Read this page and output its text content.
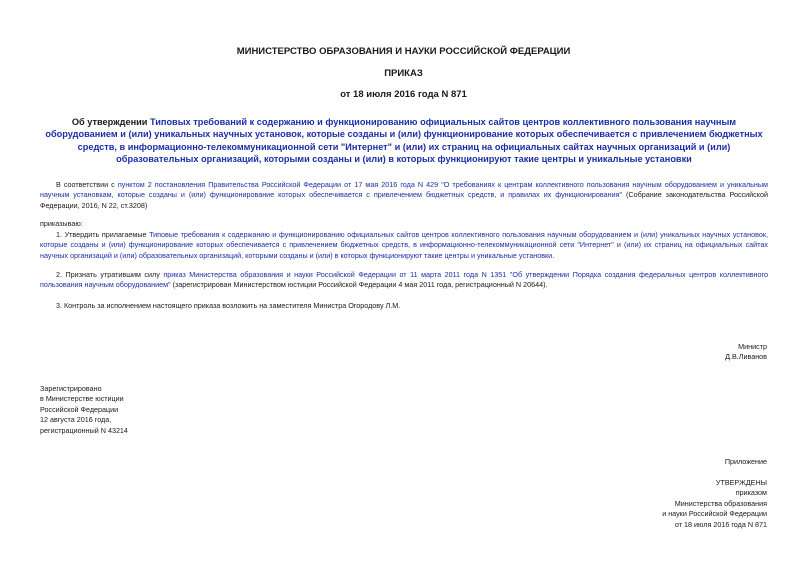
МИНИСТЕРСТВО ОБРАЗОВАНИЯ И НАУКИ РОССИЙСКОЙ ФЕДЕРАЦИИ
ПРИКАЗ
от 18 июля 2016 года N 871
Об утверждении Типовых требований к содержанию и функционированию официальных сайтов центров коллективного пользования научным оборудованием и (или) уникальных научных установок, которые созданы и (или) функционирование которых обеспечивается с привлечением бюджетных средств, в информационно-телекоммуникационной сети "Интернет" и (или) их страниц на официальных сайтах научных организаций и (или) образовательных организаций, которыми созданы и (или) в которых функционируют такие центры и уникальные установки
В соответствии с пунктом 2 постановления Правительства Российской Федерации от 17 мая 2016 года N 429 "О требованиях к центрам коллективного пользования научным оборудованием и уникальным научным установкам, которые созданы и (или) функционирование которых обеспечивается с привлечением бюджетных средств, и правилах их функционирования" (Собрание законодательства Российской Федерации, 2016, N 22, ст.3208)
приказываю:
1. Утвердить прилагаемые Типовые требования к содержанию и функционированию официальных сайтов центров коллективного пользования научным оборудованием и (или) уникальных научных установок, которые созданы и (или) функционирование которых обеспечивается с привлечением бюджетных средств, в информационно-телекоммуникационной сети "Интернет" и (или) их страниц на официальных сайтах научных организаций и (или) образовательных организаций, которыми созданы и (или) в которых функционируют такие центры и уникальные установки.
2. Признать утратившим силу приказ Министерства образования и науки Российской Федерации от 11 марта 2011 года N 1351 "Об утверждении Порядка создания федеральных центров коллективного пользования научным оборудованием" (зарегистрирован Министерством юстиции Российской Федерации 4 мая 2011 года, регистрационный N 20644).
3. Контроль за исполнением настоящего приказа возложить на заместителя Министра Огородову Л.М.
Министр
Д.В.Ливанов
Зарегистрировано
в Министерстве юстиции
Российской Федерации
12 августа 2016 года,
регистрационный N 43214
Приложение
УТВЕРЖДЕНЫ
приказом
Министерства образования
и науки Российской Федерации
от 18 июля 2016 года N 871
